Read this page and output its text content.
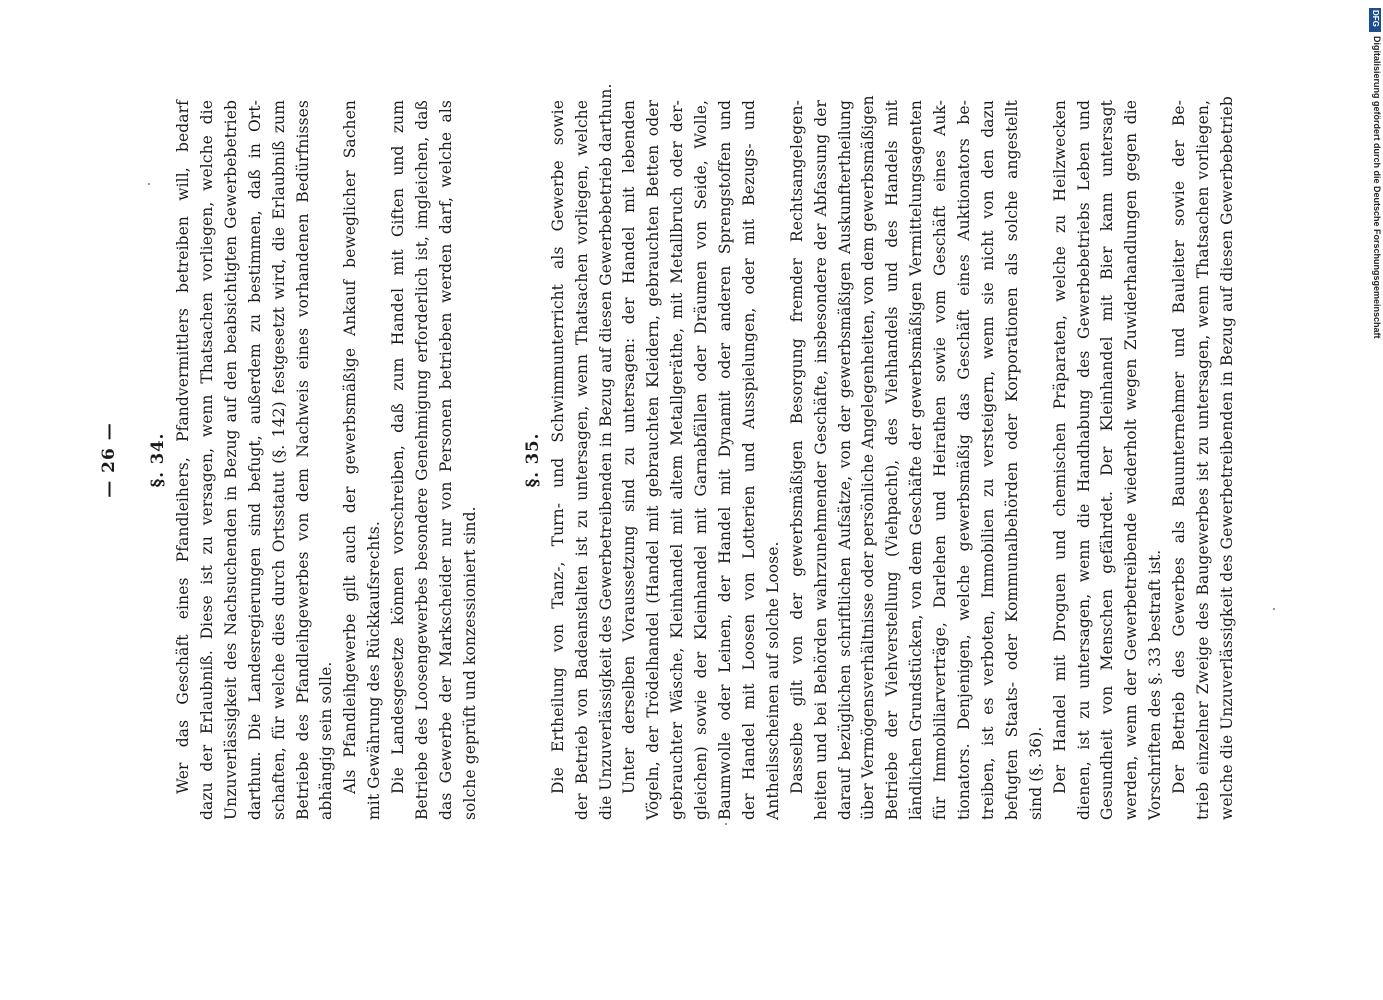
— 26 — §. 34. Wer das Geschäft eines Pfandleihers, Pfandvermittlers betreiben will, bedarf dazu der Erlaubniß. Diese ist zu versagen, wenn Thatsachen vorliegen, welche die Unzuverlässigkeit des Nachsuchenden in Bezug auf den beabsichtigten Gewerbebetrieb darthun. Die Landesregierungen sind befugt, außerdem zu bestimmen, daß in Ort- schaften, für welche dies durch Ortsstatut (§. 142) festgesetzt wird, die Erlaubniß zum Betriebe des Pfandleihgewerbes von dem Nachweis eines vorhandenen Bedürfnisses abhängig sein solle. Als Pfandleihgewerbe gilt auch der gewerbsmäßige Ankauf beweglicher Sachen mit Gewährung des Rückkaufsrechts. Die Landesgesetze können vorschreiben, daß zum Handel mit Giften und zum Betriebe des Loosengewerbes besondere Genehmigung erforderlich ist, imgleichen, daß das Gewerbe der Markscheider nur von Personen betrieben werden darf, welche als solche geprüft und konzessioniert sind.
§. 35. Die Ertheilung von Tanz-, Turn- und Schwimmunterricht als Gewerbe sowie der Betrieb von Badeanstalten ist zu untersagen, wenn Thatsachen vorliegen, welche die Unzuverlässigkeit des Gewerbetreibenden in Bezug auf diesen Gewerbebetrieb darthun. Unter derselben Voraussetzung sind zu untersagen: der Handel mit lebenden Vögeln, der Trödelhandel (Handel mit gebrauchten Kleidern, gebrauchten Betten oder gebrauchter Wäsche, Kleinhandel mit altem Metallgeräthe, mit Metallbruch oder der- gleichen) sowie der Kleinhandel mit Garnabfällen oder Dräumen von Seide, Wolle, Baumwolle oder Leinen, der Handel mit Dynamit oder anderen Sprengstoffen und der Handel mit Loosen von Lotterien und Ausspielungen, oder mit Bezugs- und Antheilsscheinen auf solche Loose. Dasselbe gilt von der gewerbsmäßigen Besorgung fremder Rechtsangelegen- heiten und bei Behörden wahrzunehmender Geschäfte, insbesondere der Abfassung der darauf bezüglichen schriftlichen Aufsätze, von der gewerbsmäßigen Auskunftertheilung über Vermögensverhältnisse oder persönliche Angelegenheiten, von dem gewerbsmäßigen Betriebe der Viehverstellung (Viehpacht), des Viehhandels und des Handels mit ländlichen Grundstücken, von dem Geschäfte der gewerbsmäßigen Vermittelungsagenten für Immobiliarverträge, Darlehen und Heirathen sowie vom Geschäft eines Auk- tionators. Denjenigen, welche gewerbsmäßig das Geschäft eines Auktionators be- treiben, ist es verboten, Immobilien zu versteigern, wenn sie nicht von den dazu befugten Staats- oder Kommunalbehörden oder Korporationen als solche angestellt sind (§. 36). Der Handel mit Droguen und chemischen Präparaten, welche zu Heilzwecken dienen, ist zu untersagen, wenn die Handhabung des Gewerbebetriebs Leben und Gesundheit von Menschen gefährdet. Der Kleinhandel mit Bier kann untersagt werden, wenn der Gewerbetreibende wiederholt wegen Zuwiderhandlungen gegen die Vorschriften des §. 33 bestraft ist. Der Betrieb des Gewerbes als Bauunternehmer und Bauleiter sowie der Be- trieb einzelner Zweige des Baugewerbes ist zu untersagen, wenn Thatsachen vorliegen, welche die Unzuverlässigkeit des Gewerbetreibenden in Bezug auf diesen Gewerbebetrieb
DFG
Digitalisierung gefördert durch die Deutsche Forschungsgemeinschaft
